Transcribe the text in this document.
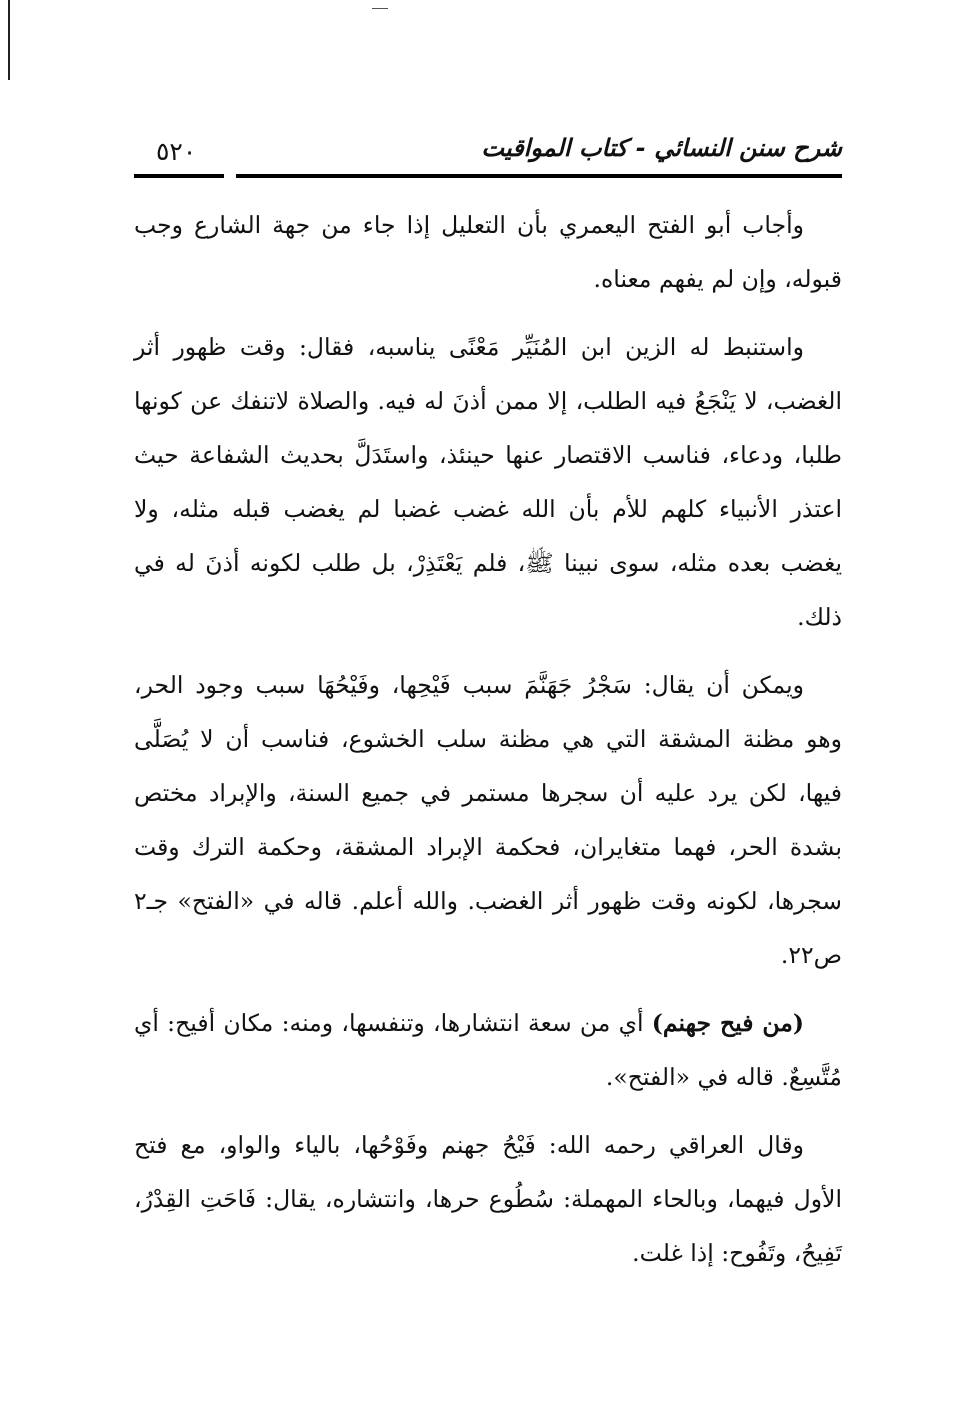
شرح سنن النسائي - كتاب المواقيت
٥٢٠

وأجاب أبو الفتح اليعمري بأن التعليل إذا جاء من جهة الشارع وجب قبوله، وإن لم يفهم معناه.

واستنبط له الزين ابن المُنَيِّر مَعْنًى يناسبه، فقال: وقت ظهور أثر الغضب، لا يَنْجَعُ فيه الطلب، إلا ممن أذنَ له فيه. والصلاة لاتنفك عن كونها طلبا، ودعاء، فناسب الاقتصار عنها حينئذ، واستَدَلَّ بحديث الشفاعة حيث اعتذر الأنبياء كلهم للأم بأن الله غضب غضبا لم يغضب قبله مثله، ولا يغضب بعده مثله، سوى نبينا ﷺ، فلم يَعْتَذِرْ، بل طلب لكونه أذنَ له في ذلك.

ويمكن أن يقال: سَجْرُ جَهَنَّمَ سبب فَيْحِها، وفَيْحُهَا سبب وجود الحر، وهو مظنة المشقة التي هي مظنة سلب الخشوع، فناسب أن لا يُصَلَّى فيها، لكن يرد عليه أن سجرها مستمر في جميع السنة، والإبراد مختص بشدة الحر، فهما متغايران، فحكمة الإبراد المشقة، وحكمة الترك وقت سجرها، لكونه وقت ظهور أثر الغضب. والله أعلم. قاله في «الفتح» جـ٢ ص٢٢.

(من فيح جهنم) أي من سعة انتشارها، وتنفسها، ومنه: مكان أفيح: أي مُتَّسِعٌ. قاله في «الفتح».

وقال العراقي رحمه الله: فَيْحُ جهنم وفَوْحُها، بالياء والواو، مع فتح الأول فيهما، وبالحاء المهملة: سُطُوع حرها، وانتشاره، يقال: فَاحَتِ القِدْرُ، تَفِيحُ، وتَفُوح: إذا غلت.
